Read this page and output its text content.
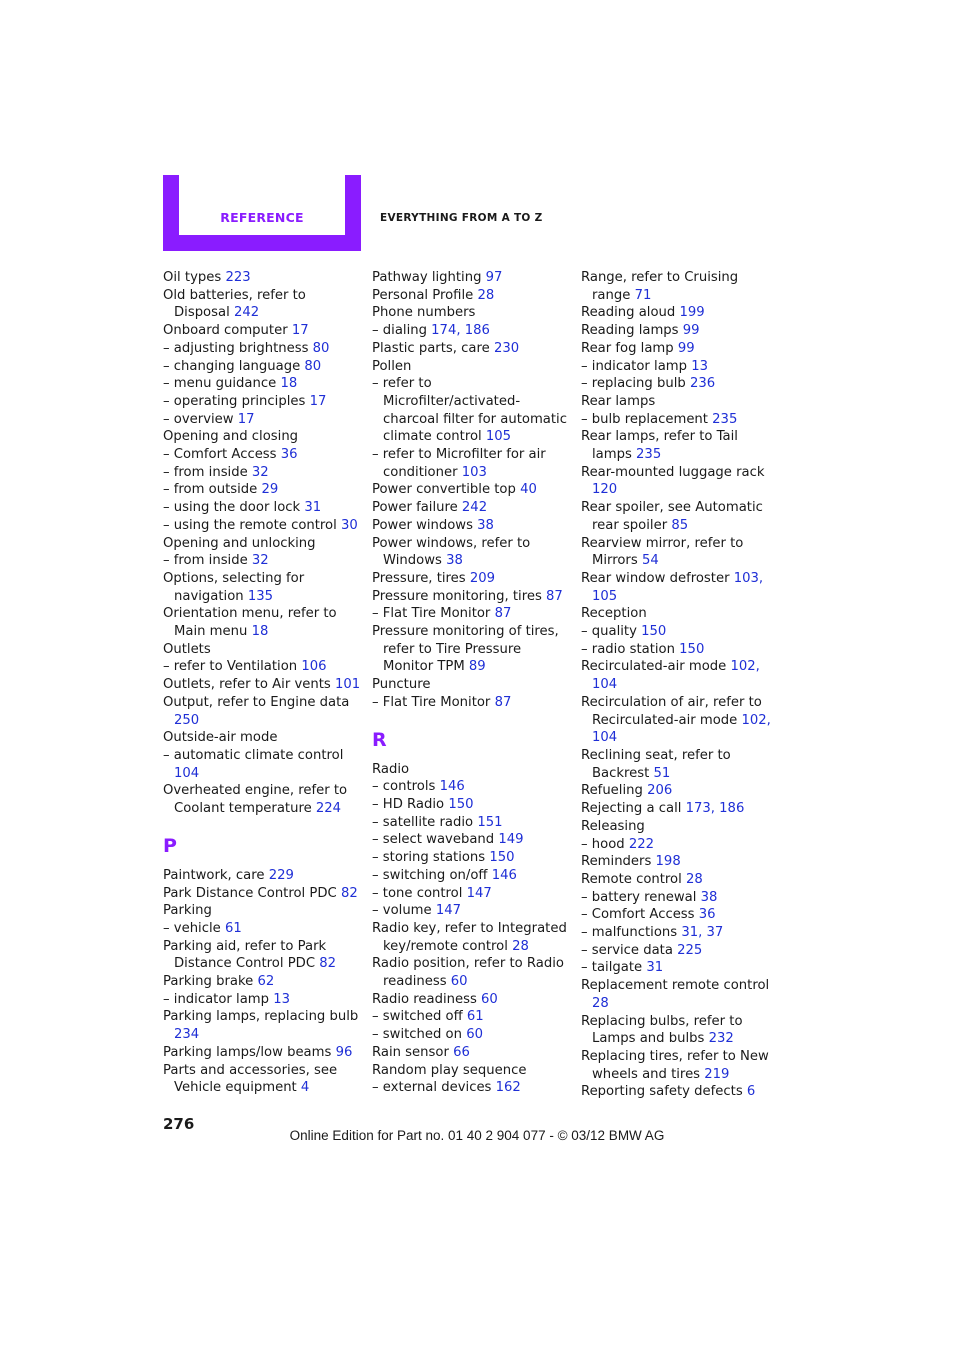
REFERENCE	EVERYTHING FROM A TO Z
Oil types 223
Old batteries, refer to Disposal 242
Onboard computer 17
– adjusting brightness 80
– changing language 80
– menu guidance 18
– operating principles 17
– overview 17
Opening and closing
– Comfort Access 36
– from inside 32
– from outside 29
– using the door lock 31
– using the remote control 30
Opening and unlocking
– from inside 32
Options, selecting for navigation 135
Orientation menu, refer to Main menu 18
Outlets
– refer to Ventilation 106
Outlets, refer to Air vents 101
Output, refer to Engine data 250
Outside-air mode
– automatic climate control 104
Overheated engine, refer to Coolant temperature 224
P
Paintwork, care 229
Park Distance Control PDC 82
Parking
– vehicle 61
Parking aid, refer to Park Distance Control PDC 82
Parking brake 62
– indicator lamp 13
Parking lamps, replacing bulb 234
Parking lamps/low beams 96
Parts and accessories, see Vehicle equipment 4
Pathway lighting 97
Personal Profile 28
Phone numbers
– dialing 174, 186
Plastic parts, care 230
Pollen
– refer to Microfilter/activated-charcoal filter for automatic climate control 105
– refer to Microfilter for air conditioner 103
Power convertible top 40
Power failure 242
Power windows 38
Power windows, refer to Windows 38
Pressure, tires 209
Pressure monitoring, tires 87
– Flat Tire Monitor 87
Pressure monitoring of tires, refer to Tire Pressure Monitor TPM 89
Puncture
– Flat Tire Monitor 87
R
Radio
– controls 146
– HD Radio 150
– satellite radio 151
– select waveband 149
– storing stations 150
– switching on/off 146
– tone control 147
– volume 147
Radio key, refer to Integrated key/remote control 28
Radio position, refer to Radio readiness 60
Radio readiness 60
– switched off 61
– switched on 60
Rain sensor 66
Random play sequence
– external devices 162
Range, refer to Cruising range 71
Reading aloud 199
Reading lamps 99
Rear fog lamp 99
– indicator lamp 13
– replacing bulb 236
Rear lamps
– bulb replacement 235
Rear lamps, refer to Tail lamps 235
Rear-mounted luggage rack 120
Rear spoiler, see Automatic rear spoiler 85
Rearview mirror, refer to Mirrors 54
Rear window defroster 103, 105
Reception
– quality 150
– radio station 150
Recirculated-air mode 102, 104
Recirculation of air, refer to Recirculated-air mode 102, 104
Reclining seat, refer to Backrest 51
Refueling 206
Rejecting a call 173, 186
Releasing
– hood 222
Reminders 198
Remote control 28
– battery renewal 38
– Comfort Access 36
– malfunctions 31, 37
– service data 225
– tailgate 31
Replacement remote control 28
Replacing bulbs, refer to Lamps and bulbs 232
Replacing tires, refer to New wheels and tires 219
Reporting safety defects 6
276
Online Edition for Part no. 01 40 2 904 077 - © 03/12 BMW AG
